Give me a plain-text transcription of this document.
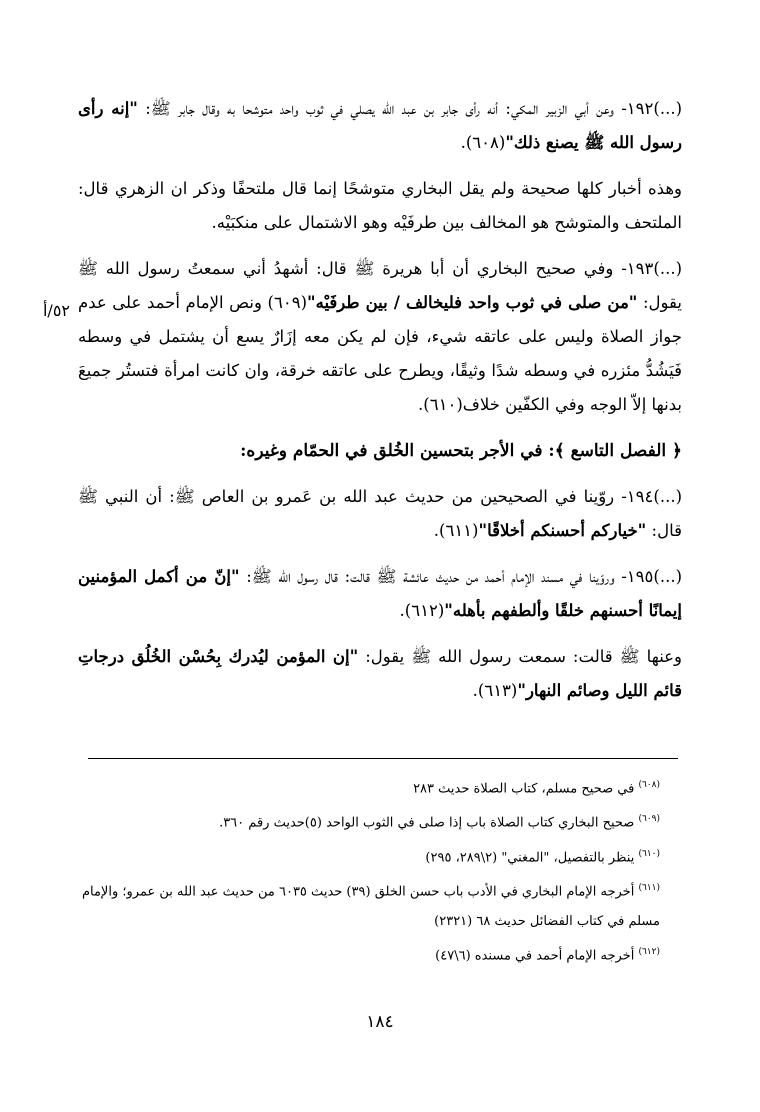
٥٢/أ

(...)١٩٢- وعن أبي الزبير المكي: أنه رأى جابر بن عبد الله يصلي في ثوب واحد متوشحا به وقال جابر ﷺ: "إنه رأى رسول الله ﷺ يصنع ذلك"(٦٠٨).

وهذه أخبار كلها صحيحة ولم يقل البخاري متوشحًا إنما قال ملتحفًا وذكر ان الزهري قال: الملتحف والمتوشح هو المخالف بين طرفَيْه وهو الاشتمال على منكبَيْه.

(...)١٩٣- وفي صحيح البخاري أن أبا هريرة ﷺ قال: أشهدُ أني سمعتُ رسول الله ﷺ يقول: "من صلى في ثوب واحد فليخالف / بين طرفَيْه"(٦٠٩) ونص الإمام أحمد على عدم جواز الصلاة وليس على عاتقه شيء، فإن لم يكن معه إزَارٌ يسع أن يشتمل في وسطه فَيَشُدُّ مئزره في وسطه شدًا وثيقًا، ويطرح على عاتقه خرقة، وان كانت امرأة فتستُر جميعَ بدنها إلاّ الوجه وفي الكفّين خلاف(٦١٠).

﴿ الفصل التاسع ﴾: في الأجر بتحسين الخُلق في الحمّام وغيره:

(...)١٩٤- روّينا في الصحيحين من حديث عبد الله بن عَمرو بن العاص ﷺ: أن النبي ﷺ قال: "خياركم أحسنكم أخلاقًا"(٦١١).

(...)١٩٥- وروّينا في مسند الإمام أحمد من حديث عائشة ﷺ قالت: قال رسول الله ﷺ: "إنّ من أكمل المؤمنين إيمانًا أحسنهم خلقًا وألطفهم بأهله"(٦١٢).

وعنها ﷺ قالت: سمعت رسول الله ﷺ يقول: "إن المؤمن ليُدرك بِحُسْن الخُلُق درجاتِ قائم الليل وصائم النهار"(٦١٣).

$^{(٦٠٨)}$ في صحيح مسلم، كتاب الصلاة حديث ٢٨٣

$^{(٦٠٩)}$ صحيح البخاري كتاب الصلاة باب إذا صلى في الثوب الواحد (٥)حديث رقم ٣٦٠.

$^{(٦١٠)}$ ينظر بالتفصيل، "المغني" (٢\٢٨٩، ٢٩٥)

$^{(٦١١)}$ أخرجه الإمام البخاري في الأدب باب حسن الخلق (٣٩) حديث ٦٠٣٥ من حديث عبد الله بن عمرو؛ والإمام مسلم في كتاب الفضائل حديث ٦٨ (٢٣٢١)

$^{(٦١٢)}$ أخرجه الإمام أحمد في مسنده (٦\٤٧)

١٨٤
